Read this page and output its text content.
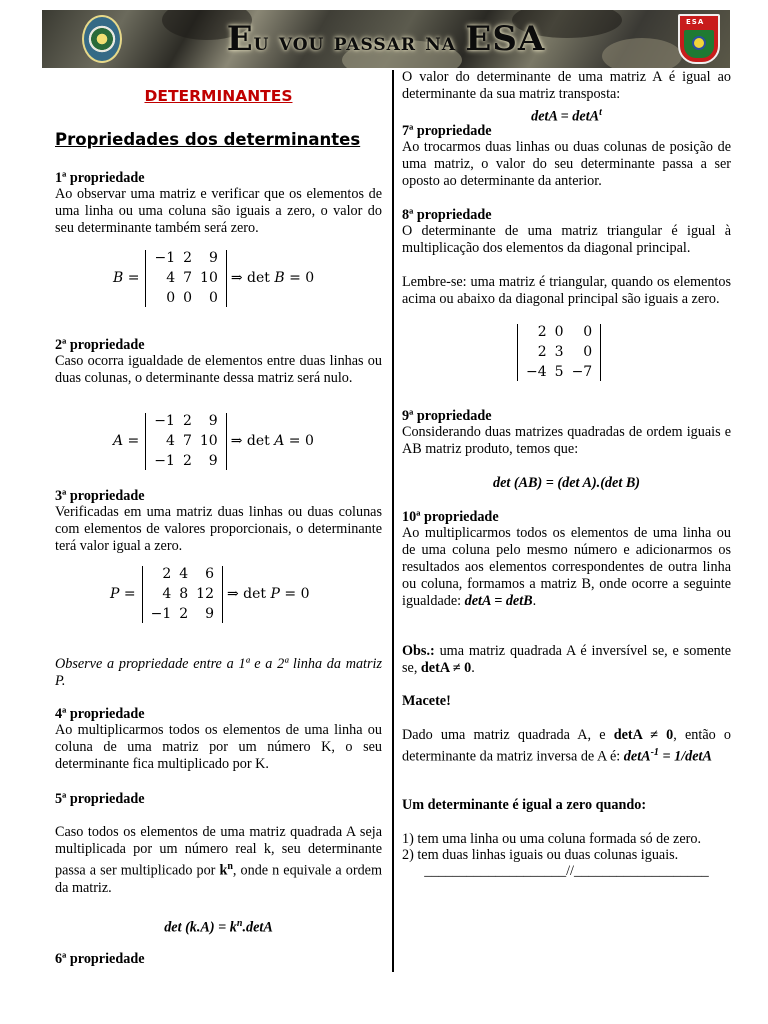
Eu vou passar na ESA	ESA
DETERMINANTES
Propriedades dos determinantes
1ª propriedade
Ao observar uma matriz e verificar que os elementos de uma linha ou uma coluna são iguais a zero, o valor do seu determinante também será zero.
B =
−1 2	9
4 7 10
0 0	0
⇒ det B = 0
2ª propriedade
Caso ocorra igualdade de elementos entre duas linhas ou duas colunas, o determinante dessa matriz será nulo.
A =
−1 2	9
4 7 10
−1 2	9
⇒ det A = 0
3ª propriedade
Verificadas em uma matriz duas linhas ou duas colunas com elementos de valores proporcionais, o determinante terá valor igual a zero.
P =
2 4	6
4 8 12
−1 2	9
⇒ det P = 0
Observe a propriedade entre a 1ª e a 2ª linha da matriz P.
4ª propriedade
Ao multiplicarmos todos os elementos de uma linha ou coluna de uma matriz por um número K, o seu determinante fica multiplicado por K.
5ª propriedade
Caso todos os elementos de uma matriz quadrada A seja multiplicada por um número real k, seu determinante passa a ser multiplicado por $k^n$, onde n equivale a ordem da matriz.
$\det (k.A) = k^n.\det A$
6ª propriedade
O valor do determinante de uma matriz A é igual ao determinante da sua matriz transposta:
detA = detA$^t$
7ª propriedade
Ao trocarmos duas linhas ou duas colunas de posição de uma matriz, o valor do seu determinante passa a ser oposto ao determinante da anterior.
8ª propriedade
O determinante de uma matriz triangular é igual à multiplicação dos elementos da diagonal principal.
Lembre-se: uma matriz é triangular, quando os elementos acima ou abaixo da diagonal principal são iguais a zero.
2 0	0
2 3	0
−4 5 −7
9ª propriedade
Considerando duas matrizes quadradas de ordem iguais e AB matriz produto, temos que:
det (AB) = (det A).(det B)
10ª propriedade
Ao multiplicarmos todos os elementos de uma linha ou de uma coluna pelo mesmo número e adicionarmos os resultados aos elementos correspondentes de outra linha ou coluna, formamos a matriz B, onde ocorre a seguinte igualdade: detA = detB.
Obs.: uma matriz quadrada A é inversível se, e somente se, detA ≠ 0.
Macete!
Dado uma matriz quadrada A, e detA ≠ 0, então o determinante da matriz inversa de A é: detA$^{-1}$ = 1/detA
Um determinante é igual a zero quando:
1) tem uma linha ou uma coluna formada só de zero.
2) tem duas linhas iguais ou duas colunas iguais.
____________________//___________________
